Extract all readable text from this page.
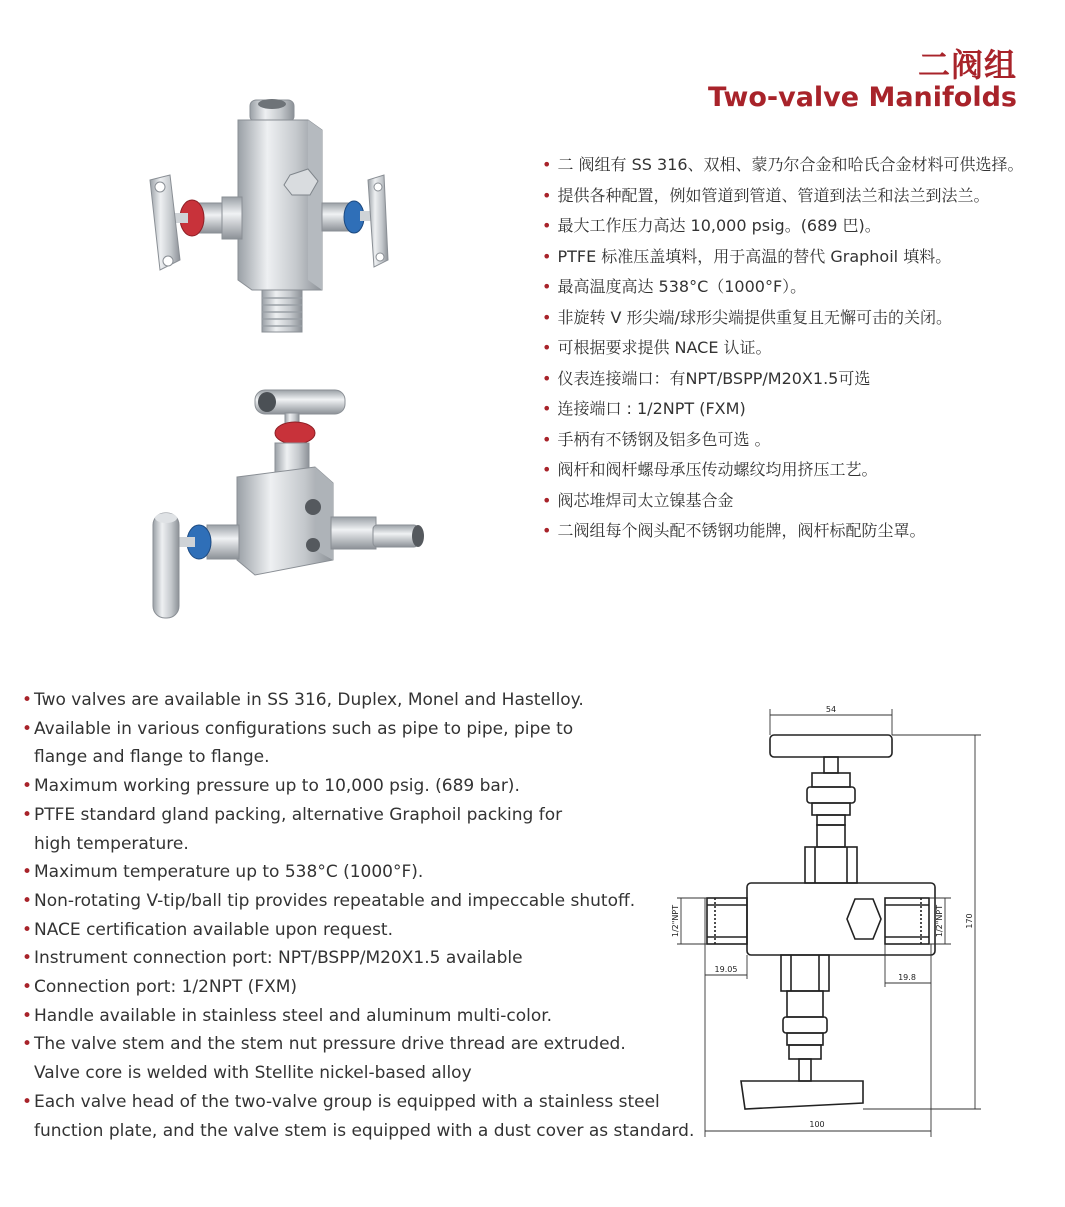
二阀组
Two-valve Manifolds
• 二 阀组有 SS 316、双相、蒙乃尔合金和哈氏合金材料可供选择。
• 提供各种配置，例如管道到管道、管道到法兰和法兰到法兰。
• 最大工作压力高达 10,000 psig。(689 巴)。
• PTFE 标准压盖填料，用于高温的替代 Graphoil 填料。
• 最高温度高达 538°C（1000°F）。
• 非旋转 V 形尖端/球形尖端提供重复且无懈可击的关闭。
• 可根据要求提供 NACE 认证。
• 仪表连接端口：有NPT/BSPP/M20X1.5可选
• 连接端口 : 1/2NPT (FXM)
• 手柄有不锈钢及铝多色可选 。
• 阀杆和阀杆螺母承压传动螺纹均用挤压工艺。
• 阀芯堆焊司太立镍基合金
• 二阀组每个阀头配不锈钢功能牌，阀杆标配防尘罩。
• Two valves are available in SS 316, Duplex, Monel and Hastelloy.
• Available in various configurations such as pipe to pipe, pipe to
flange and flange to flange.
• Maximum working pressure up to 10,000 psig. (689 bar).
• PTFE standard gland packing, alternative Graphoil packing for
high temperature.
• Maximum temperature up to 538°C (1000°F).
• Non-rotating V-tip/ball tip provides repeatable and impeccable shutoff.
• NACE certification available upon request.
• Instrument connection port: NPT/BSPP/M20X1.5 available
• Connection port: 1/2NPT (FXM)
• Handle available in stainless steel and aluminum multi-color.
• The valve stem and the stem nut pressure drive thread are extruded.
Valve core is welded with Stellite nickel-based alloy
• Each valve head of the two-valve group is equipped with a stainless steel
function plate, and the valve stem is equipped with a dust cover as standard.
54
170
1/2"NPT	1/2"NPT
19.05
19.8
100
